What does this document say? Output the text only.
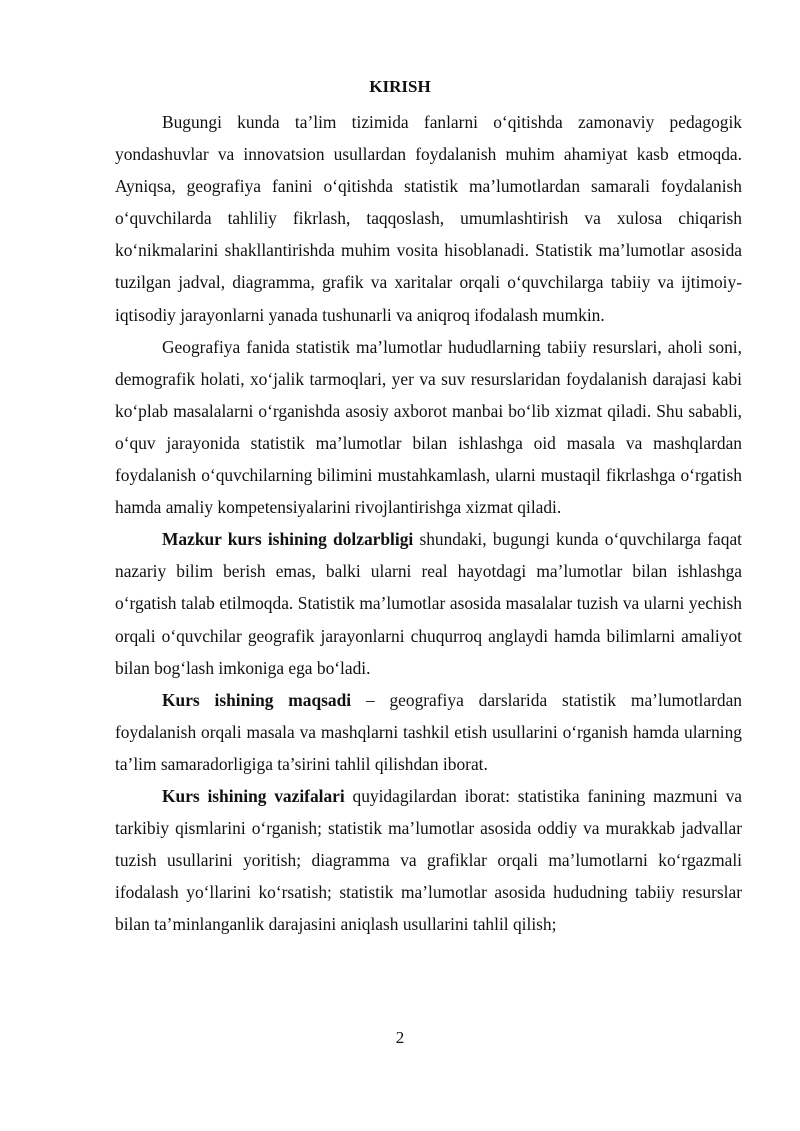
KIRISH

Bugungi kunda ta’lim tizimida fanlarni o‘qitishda zamonaviy pedagogik yondashuvlar va innovatsion usullardan foydalanish muhim ahamiyat kasb etmoqda. Ayniqsa, geografiya fanini o‘qitishda statistik ma’lumotlardan samarali foydalanish o‘quvchilarda tahliliy fikrlash, taqqoslash, umumlashtirish va xulosa chiqarish ko‘nikmalarini shakllantirishda muhim vosita hisoblanadi. Statistik ma’lumotlar asosida tuzilgan jadval, diagramma, grafik va xaritalar orqali o‘quvchilarga tabiiy va ijtimoiy-iqtisodiy jarayonlarni yanada tushunarli va aniqroq ifodalash mumkin.

Geografiya fanida statistik ma’lumotlar hududlarning tabiiy resurslari, aholi soni, demografik holati, xo‘jalik tarmoqlari, yer va suv resurslaridan foydalanish darajasi kabi ko‘plab masalalarni o‘rganishda asosiy axborot manbai bo‘lib xizmat qiladi. Shu sababli, o‘quv jarayonida statistik ma’lumotlar bilan ishlashga oid masala va mashqlardan foydalanish o‘quvchilarning bilimini mustahkamlash, ularni mustaqil fikrlashga o‘rgatish hamda amaliy kompetensiyalarini rivojlantirishga xizmat qiladi.

Mazkur kurs ishining dolzarbligi shundaki, bugungi kunda o‘quvchilarga faqat nazariy bilim berish emas, balki ularni real hayotdagi ma’lumotlar bilan ishlashga o‘rgatish talab etilmoqda. Statistik ma’lumotlar asosida masalalar tuzish va ularni yechish orqali o‘quvchilar geografik jarayonlarni chuqurroq anglaydi hamda bilimlarni amaliyot bilan bog‘lash imkoniga ega bo‘ladi.

Kurs ishining maqsadi – geografiya darslarida statistik ma’lumotlardan foydalanish orqali masala va mashqlarni tashkil etish usullarini o‘rganish hamda ularning ta’lim samaradorligiga ta’sirini tahlil qilishdan iborat.

Kurs ishining vazifalari quyidagilardan iborat: statistika fanining mazmuni va tarkibiy qismlarini o‘rganish; statistik ma’lumotlar asosida oddiy va murakkab jadvallar tuzish usullarini yoritish; diagramma va grafiklar orqali ma’lumotlarni ko‘rgazmali ifodalash yo‘llarini ko‘rsatish; statistik ma’lumotlar asosida hududning tabiiy resurslar bilan ta’minlanganlik darajasini aniqlash usullarini tahlil qilish;

2
